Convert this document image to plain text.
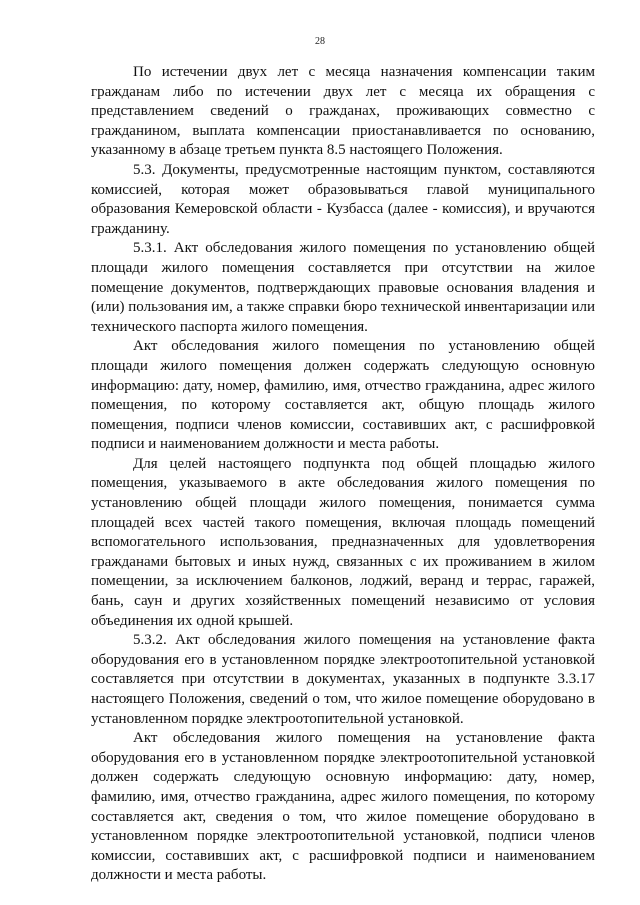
28

По истечении двух лет с месяца назначения компенсации таким гражданам либо по истечении двух лет с месяца их обращения с представлением сведений о гражданах, проживающих совместно с гражданином, выплата компенсации приостанавливается по основанию, указанному в абзаце третьем пункта 8.5 настоящего Положения.

5.3. Документы, предусмотренные настоящим пунктом, составляются комиссией, которая может образовываться главой муниципального образования Кемеровской области - Кузбасса (далее - комиссия), и вручаются гражданину.

5.3.1. Акт обследования жилого помещения по установлению общей площади жилого помещения составляется при отсутствии на жилое помещение документов, подтверждающих правовые основания владения и (или) пользования им, а также справки бюро технической инвентаризации или технического паспорта жилого помещения.

Акт обследования жилого помещения по установлению общей площади жилого помещения должен содержать следующую основную информацию: дату, номер, фамилию, имя, отчество гражданина, адрес жилого помещения, по которому составляется акт, общую площадь жилого помещения, подписи членов комиссии, составивших акт, с расшифровкой подписи и наименованием должности и места работы.

Для целей настоящего подпункта под общей площадью жилого помещения, указываемого в акте обследования жилого помещения по установлению общей площади жилого помещения, понимается сумма площадей всех частей такого помещения, включая площадь помещений вспомогательного использования, предназначенных для удовлетворения гражданами бытовых и иных нужд, связанных с их проживанием в жилом помещении, за исключением балконов, лоджий, веранд и террас, гаражей, бань, саун и других хозяйственных помещений независимо от условия объединения их одной крышей.

5.3.2. Акт обследования жилого помещения на установление факта оборудования его в установленном порядке электроотопительной установкой составляется при отсутствии в документах, указанных в подпункте 3.3.17 настоящего Положения, сведений о том, что жилое помещение оборудовано в установленном порядке электроотопительной установкой.

Акт обследования жилого помещения на установление факта оборудования его в установленном порядке электроотопительной установкой должен содержать следующую основную информацию: дату, номер, фамилию, имя, отчество гражданина, адрес жилого помещения, по которому составляется акт, сведения о том, что жилое помещение оборудовано в установленном порядке электроотопительной установкой, подписи членов комиссии, составивших акт, с расшифровкой подписи и наименованием должности и места работы.
